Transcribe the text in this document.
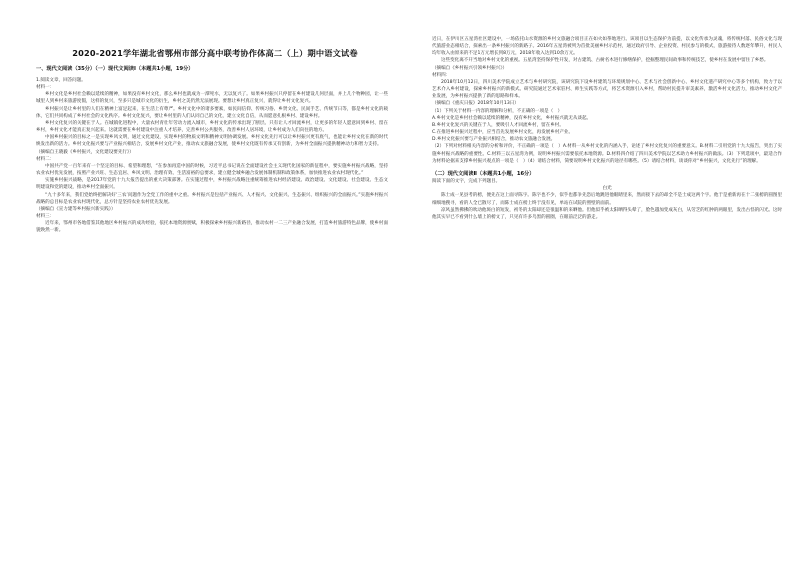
2020-2021学年湖北省鄂州市部分高中联考协作体高二（上）期中语文试卷

一、现代文阅读（35分）（一）现代文阅读Ⅰ（本题共1小题，19分）

1.阅读文章，回答问题。

材料一：

乡村文化是乡村社会赖以延续的精神，如果没有乡村文化，那么乡村也就成为一潭死水，无以复兴了。如果乡村振兴只停留在乡村建设几何层面，并上几个物种园，让一些城里人到乡村来旅游度假，这样的复兴，至多只是城市文化的衍生，乡村之美仍然无法展现。要想让乡村真正复兴，就得让乡村文化复兴。

乡村振兴是让乡村里的人们在精神上富足起来，在生活上有尊严。乡村文化中的诸多要素，如民间信仰、传统习俗、乡贤文化、民间手艺、传统节日等，都是乡村文化的载体，它们共同构成了乡村社会的文化秩序。乡村文化复兴，要让乡村里的人们认同自己的文化，建立文化自信，从而愿意扎根乡村、建设乡村。

乡村文化复兴的关键在于人。在城镇化进程中，大量农村青壮年劳动力流入城市，乡村文化的传承出现了断层。只有让人才回流乡村，让更多的年轻人愿意回到乡村、留在乡村，乡村文化才能真正复兴起来。这就需要在乡村建设中注重人才培养，完善乡村公共服务，改善乡村人居环境，让乡村成为人们向往的地方。

中国乡村振兴的目标之一是实现乡风文明，通过文化建设，实现乡村的物质文明和精神文明协调发展。乡村文化先行可以让乡村振兴更有底气，也能让乡村文化在新的时代焕发出新的活力。乡村文化振兴要与产业振兴相结合，发展乡村文化产业，推动农文旅融合发展，使乡村文化既有传承又有创新，为乡村全面振兴提供精神动力和智力支持。

（摘编自王晓毅《乡村振兴，文化建设要先行》）

材料二：

中国共产党一百年来有一个坚定的目标、希望和理想，“在参加再造中国的时候，习近平总书记说在全面建设社会主义现代化国家的新征程中，要实施乡村振兴战略，坚持农业农村优先发展，按照产业兴旺、生态宜居、乡风文明、治理有效、生活富裕的总要求，建立健全城乡融合发展体制机制和政策体系，加快推进农业农村现代化。”

实施乡村振兴战略，是2017年党的十九大报告提出的重大决策部署。在实施过程中，乡村振兴战略注重统筹推进农村经济建设、政治建设、文化建设、社会建设、生态文明建设和党的建设，推动乡村全面振兴。

“九十多年来，我们党始终把解决好‘三农’问题作为全党工作的重中之重。乡村振兴是包括产业振兴、人才振兴、文化振兴、生态振兴、组织振兴的全面振兴。”实施乡村振兴战略的总目标是农业农村现代化，总方针是坚持农业农村优先发展。

（摘编自《宣力建等乡村振兴新实践》）

材料三：

近年来，鄂州市各地借鉴其他地区乡村振兴的成功经验，依托本地资源禀赋，积极探索乡村振兴新路径，推动农村一二三产业融合发展，打造乡村旅游特色品牌，使乡村面貌焕然一新。

近日，在伊川区五星湾社区建设中，一场依托山水资源的乡村文旅融合项目正在如火如荼地进行。该项目以生态保护为前提，以文化传承为灵魂，将传统村落、民俗文化与现代旅游业态相结合，探索出一条乡村振兴的新路子。2016年五星湾被列为首批美丽乡村示范村，通过政府引导、企业投资、村民参与的模式，旅游接待人数逐年攀升，村民人均年收入由原来的不足1万元增长到8万元，2018年收入达到10余万元。

这些变化离不开当地对乡村文化的重视。五星湾坚持保护性开发，对古建筑、古树名木进行修缮保护，挖掘整理民间故事和传统技艺，使乡村在发展中留住了乡愁。

（摘编自《乡村振兴引领乡村振兴》）

材料四：

2018年10月12日，四川美术学院成立艺术与乡村研究院，该研究院下设乡村建筑与环境规划中心、艺术与社会创新中心、乡村文化遗产研究中心等多个机构，致力于以艺术介入乡村建设，探索乡村振兴的新模式。研究院通过艺术家驻村、师生实践等方式，将艺术资源引入乡村，帮助村民提升审美素养，激活乡村文化活力，推动乡村文化产业发展，为乡村振兴提供了新的思路和样本。

（摘编自《重庆日报》2018年10月13日）

（1）下列关于材料一内容的理解和分析，不正确的一项是（　）

A.乡村文化是乡村社会赖以延续的精神，没有乡村文化，乡村振兴就无从谈起。

B.乡村文化复兴的关键在于人，要吸引人才回流乡村，留在乡村。

C.在推进乡村振兴过程中，应当首先发展乡村文化，再发展乡村产业。

D.乡村文化振兴要与产业振兴相结合，推动农文旅融合发展。

（2）下列对材料相关内容的分析和评价，不正确的一项是（　）A.材料一从乡村文化的内涵入手，论述了乡村文化复兴的重要意义。B.材料二引用党的十九大报告，突出了实施乡村振兴战略的重要性。C.材料三以五星湾为例，说明乡村振兴需要依托本地资源。D.材料四介绍了四川美术学院以艺术助力乡村振兴的做法。（3）下列选项中，最适合作为材料论据来支撑乡村振兴观点的一项是（　）（4）请结合材料，简要说明乡村文化振兴的途径有哪些。（5）请结合材料，谈谈你对“乡村振兴，文化先行”的理解。

（二）现代文阅读Ⅱ（本题共1小题，16分）

阅读下面的文字，完成下列题目。

白光

陈士成一见县考的榜，便先在这上面寻陈字。陈字也不少，似乎也都争先恐后地跳进他眼睛里来，然而接下去的却全不是士成这两个字。他于是重新再在十二张榜的圆图里细细地搜寻，看的人全已散尽了，而陈士成在榜上终于没有见，单站在试院的照壁的面前。

凉风虽然拂拂的吹动他斑白的短发，初冬的太阳却还是很温和的来晒他。但他似乎被太阳晒得头晕了，脸色越加变成灰白，从劳乏的红肿的两眼里，发出古怪的闪光。这时他其实早已不看到什么墙上的榜文了，只见有许多乌黑的圆圈，在眼前泛泛的游走。
